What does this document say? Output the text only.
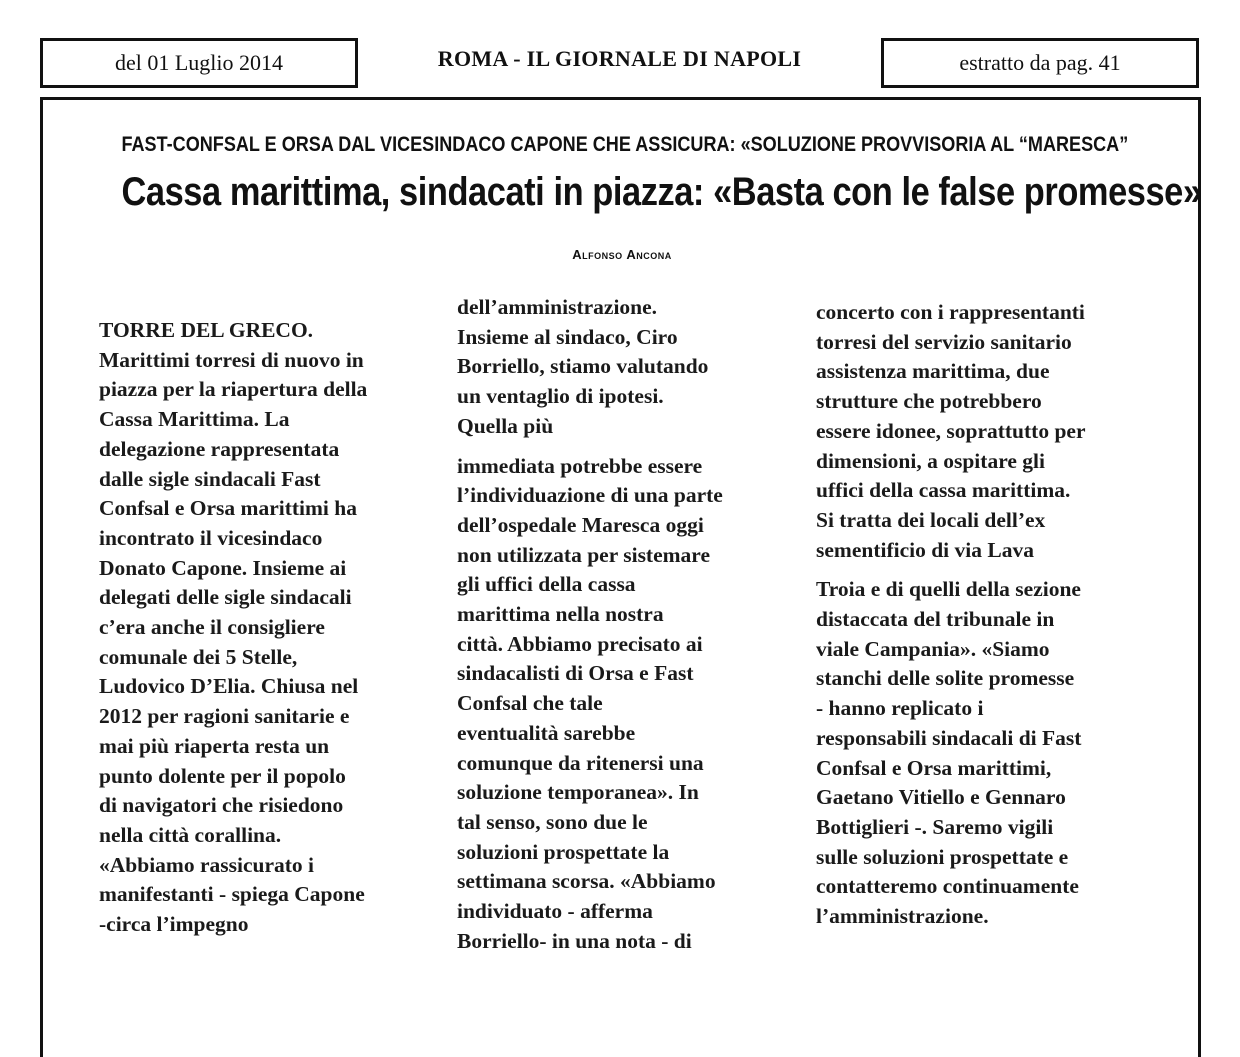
del 01 Luglio 2014	ROMA - IL GIORNALE DI NAPOLI	estratto da pag. 41
FAST-CONFSAL E ORSA DAL VICESINDACO CAPONE CHE ASSICURA: «SOLUZIONE PROVVISORIA AL “MARESCA”
Cassa marittima, sindacati in piazza: «Basta con le false promesse»
Alfonso Ancona
TORRE DEL GRECO.
Marittimi torresi di nuovo in
piazza per la riapertura della
Cassa Marittima. La
delegazione rappresentata
dalle sigle sindacali Fast
Confsal e Orsa marittimi ha
incontrato il vicesindaco
Donato Capone. Insieme ai
delegati delle sigle sindacali
c’era anche il consigliere
comunale dei 5 Stelle,
Ludovico D’Elia. Chiusa nel
2012 per ragioni sanitarie e
mai più riaperta resta un
punto dolente per il popolo
di navigatori che risiedono
nella città corallina.
«Abbiamo rassicurato i
manifestanti - spiega Capone
-circa l’impegno
dell’amministrazione.
Insieme al sindaco, Ciro
Borriello, stiamo valutando
un ventaglio di ipotesi.
Quella più
immediata potrebbe essere
l’individuazione di una parte
dell’ospedale Maresca oggi
non utilizzata per sistemare
gli uffici della cassa
marittima nella nostra
città. Abbiamo precisato ai
sindacalisti di Orsa e Fast
Confsal che tale
eventualità sarebbe
comunque da ritenersi una
soluzione temporanea». In
tal senso, sono due le
soluzioni prospettate la
settimana scorsa. «Abbiamo
individuato - afferma
Borriello- in una nota - di
concerto con i rappresentanti
torresi del servizio sanitario
assistenza marittima, due
strutture che potrebbero
essere idonee, soprattutto per
dimensioni, a ospitare gli
uffici della cassa marittima.
Si tratta dei locali dell’ex
sementificio di via Lava
Troia e di quelli della sezione
distaccata del tribunale in
viale Campania». «Siamo
stanchi delle solite promesse
- hanno replicato i
responsabili sindacali di Fast
Confsal e Orsa marittimi,
Gaetano Vitiello e Gennaro
Bottiglieri -. Saremo vigili
sulle soluzioni prospettate e
contatteremo continuamente
l’amministrazione.
